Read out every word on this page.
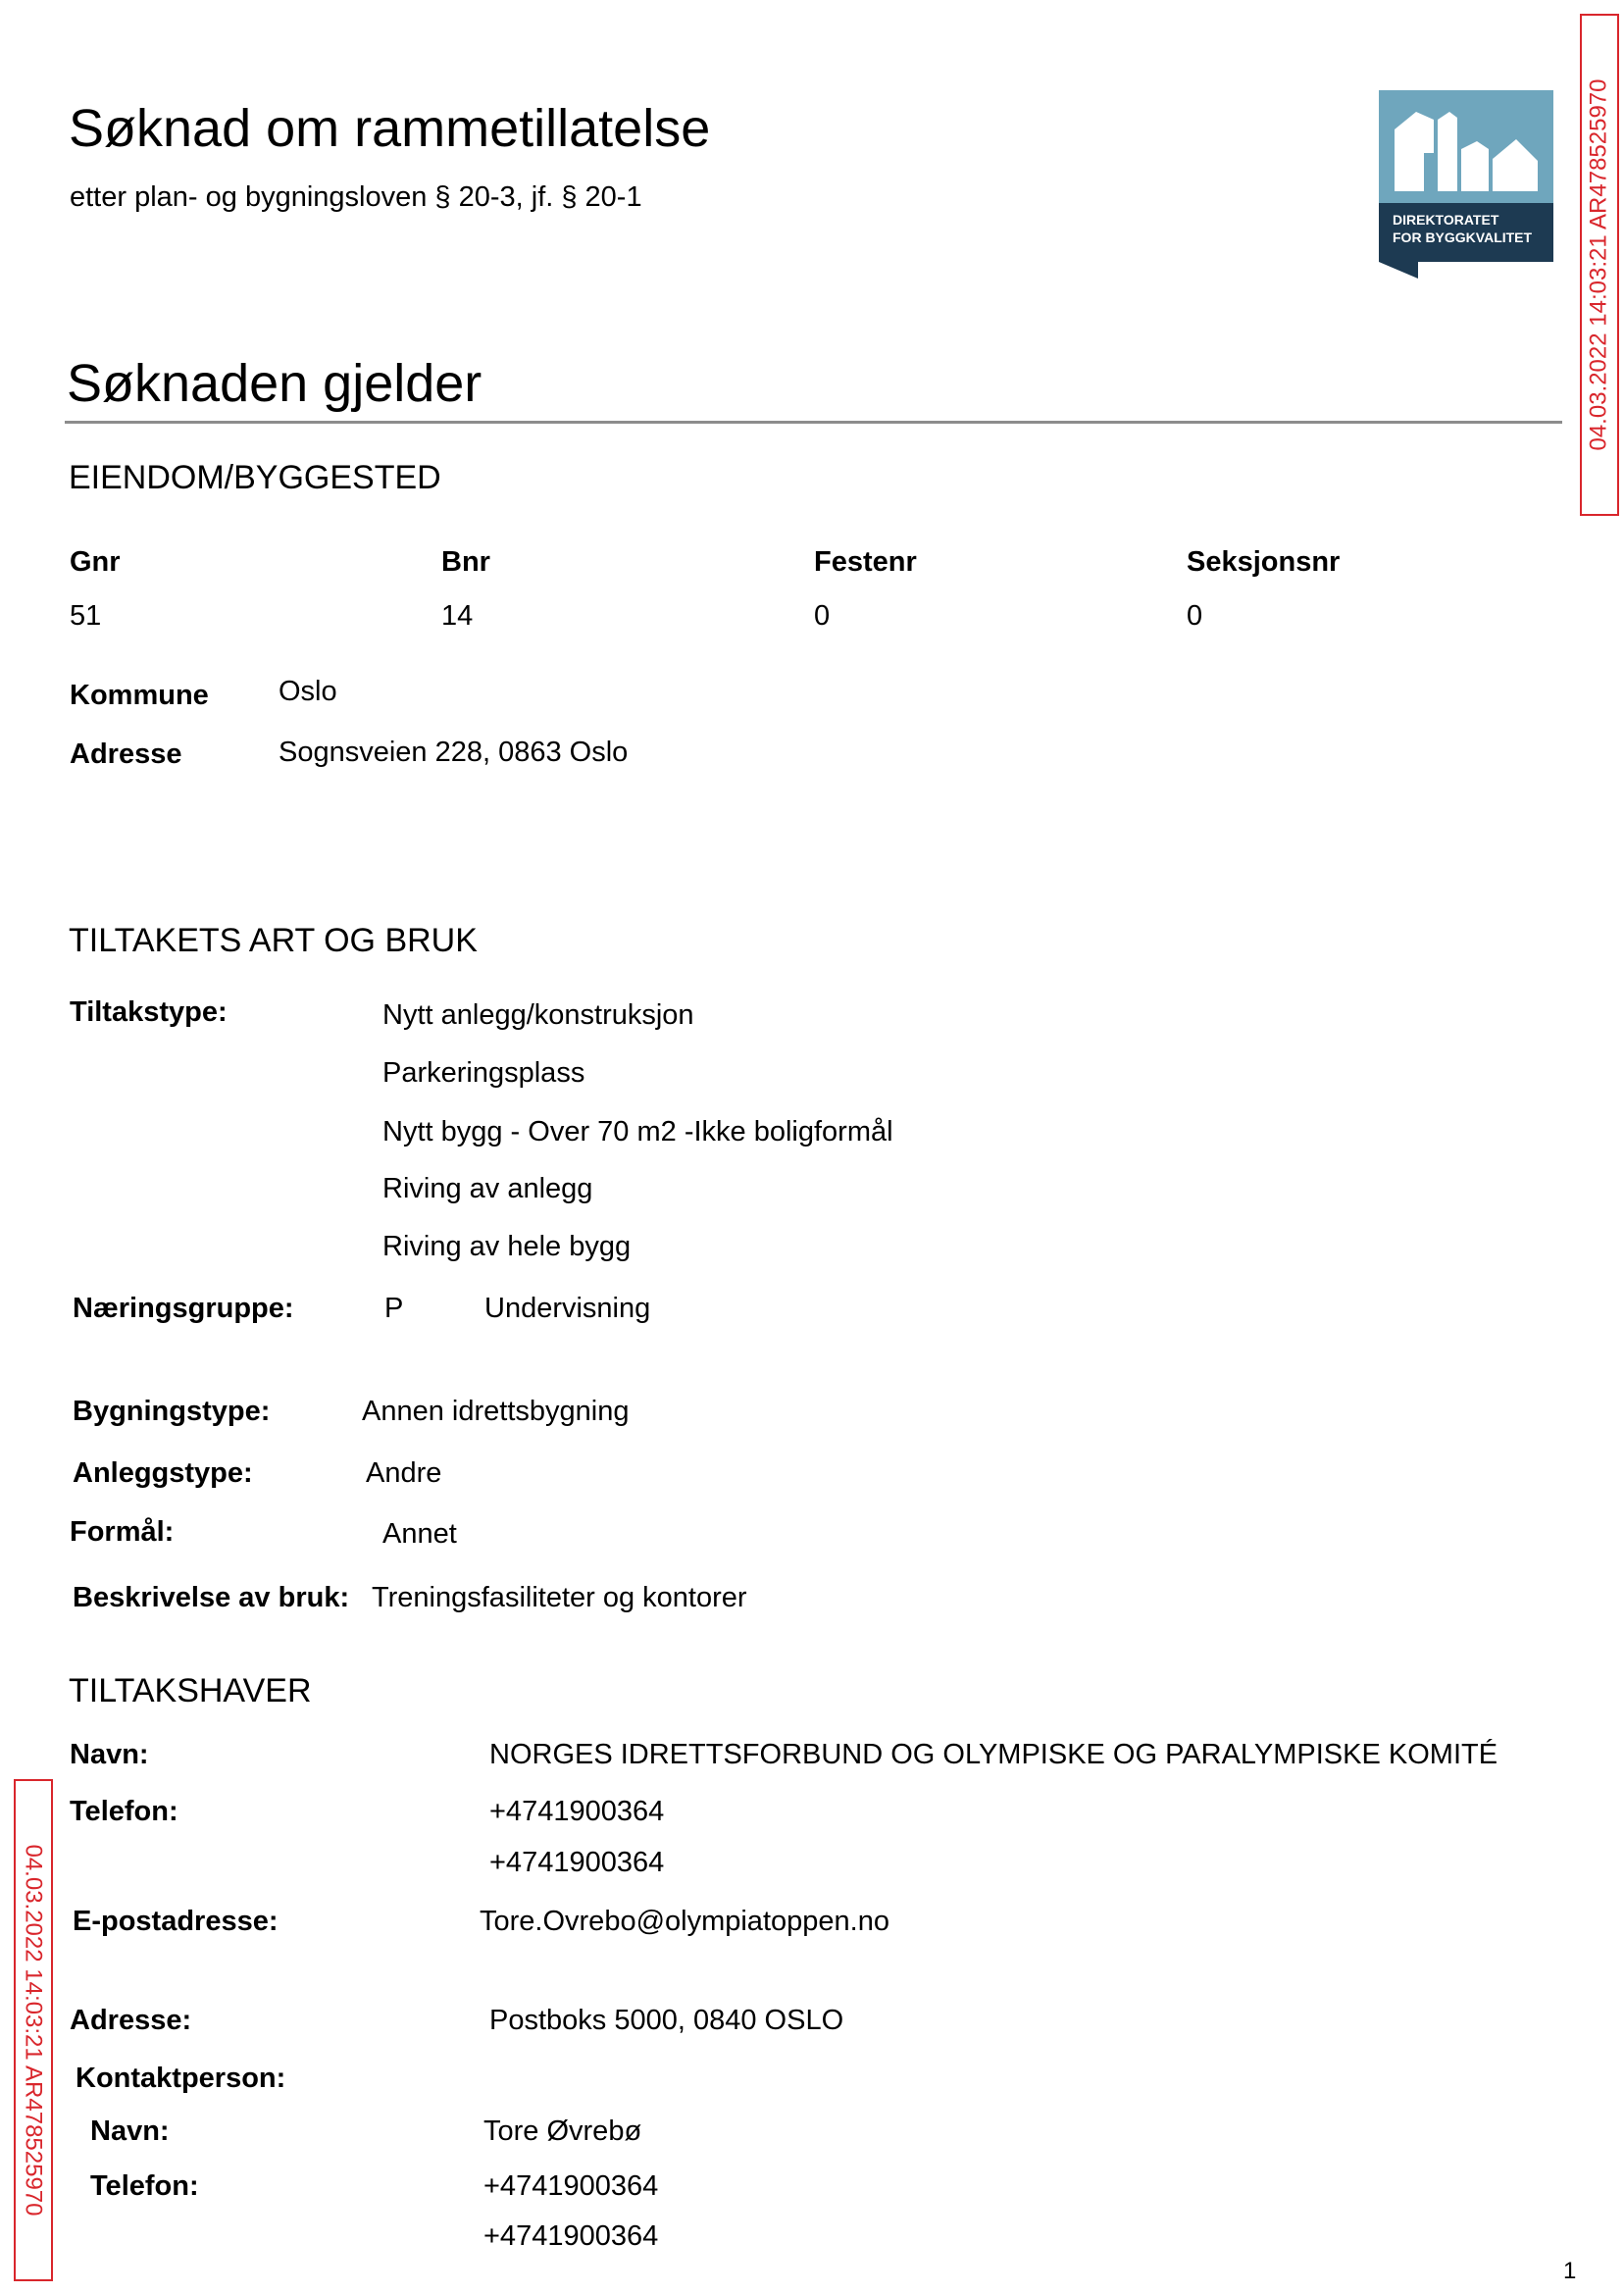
Søknad om rammetillatelse
etter plan- og bygningsloven § 20-3, jf. § 20-1
DIREKTORATET
FOR BYGGKVALITET 04.03.2022 14:03:21 AR478525970
04.03.2022 14:03:21 AR478525970
Søknaden gjelder
EIENDOM/BYGGESTED
Gnr	Bnr	Festenr	Seksjonsnr
51	14	0	0
Kommune Oslo
Adresse	Sognsveien 228, 0863 Oslo
TILTAKETS ART OG BRUK
Tiltakstype:	Nytt anlegg/konstruksjon
Parkeringsplass
Nytt bygg - Over 70 m2 -Ikke boligformål
Riving av anlegg
Riving av hele bygg
Næringsgruppe:	P	Undervisning
Bygningstype:	Annen idrettsbygning
Anleggstype:	Andre
Formål:	Annet
Beskrivelse av bruk: Treningsfasiliteter og kontorer
TILTAKSHAVER
Navn:	NORGES IDRETTSFORBUND OG OLYMPISKE OG PARALYMPISKE KOMITÉ
Telefon:	+4741900364
+4741900364
E-postadresse:	Tore.Ovrebo@olympiatoppen.no
Adresse:	Postboks 5000, 0840 OSLO
Kontaktperson:
Navn:	Tore Øvrebø
Telefon:	+4741900364
+4741900364
1
